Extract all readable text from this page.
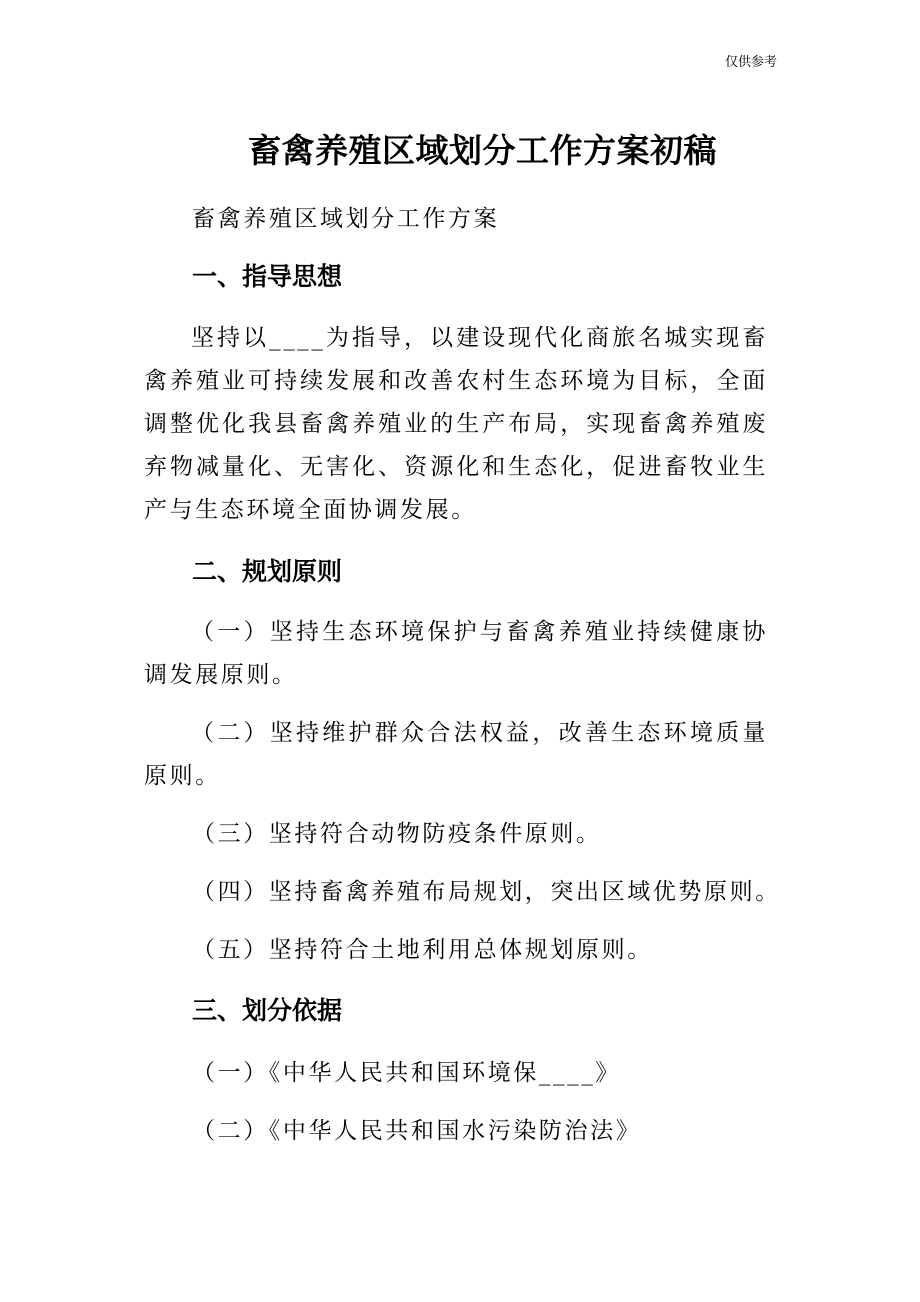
仅供参考
畜禽养殖区域划分工作方案初稿
畜禽养殖区域划分工作方案
一、指导思想
坚持以____为指导，以建设现代化商旅名城实现畜禽养殖业可持续发展和改善农村生态环境为目标，全面调整优化我县畜禽养殖业的生产布局，实现畜禽养殖废弃物减量化、无害化、资源化和生态化，促进畜牧业生产与生态环境全面协调发展。
二、规划原则
（一）坚持生态环境保护与畜禽养殖业持续健康协调发展原则。
（二）坚持维护群众合法权益，改善生态环境质量原则。
（三）坚持符合动物防疫条件原则。
（四）坚持畜禽养殖布局规划，突出区域优势原则。
（五）坚持符合土地利用总体规划原则。
三、划分依据
（一）《中华人民共和国环境保____》
（二）《中华人民共和国水污染防治法》
